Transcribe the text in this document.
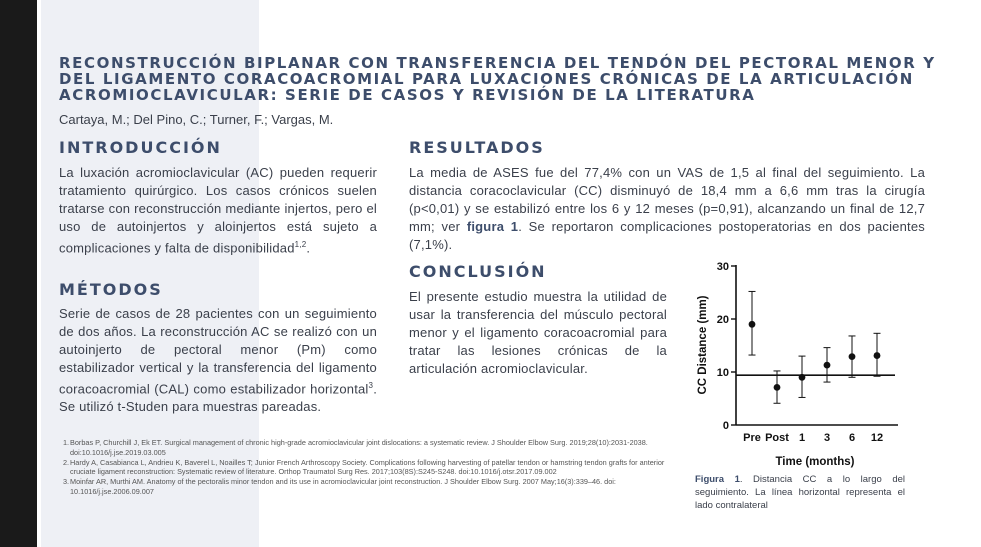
RECONSTRUCCIÓN BIPLANAR CON TRANSFERENCIA DEL TENDÓN DEL PECTORAL MENOR Y DEL LIGAMENTO CORACOACROMIAL PARA LUXACIONES CRÓNICAS DE LA ARTICULACIÓN ACROMIOCLAVICULAR: SERIE DE CASOS Y REVISIÓN DE LA LITERATURA
Cartaya, M.; Del Pino, C.; Turner, F.; Vargas, M.
INTRODUCCIÓN

La luxación acromioclavicular (AC) pueden requerir tratamiento quirúrgico. Los casos crónicos suelen tratarse con reconstrucción mediante injertos, pero el uso de autoinjertos y aloinjertos está sujeto a complicaciones y falta de disponibilidad$^{1,2}$.

MÉTODOS

Serie de casos de 28 pacientes con un seguimiento de dos años. La reconstrucción AC se realizó con un autoinjerto de pectoral menor (Pm) como estabilizador vertical y la transferencia del ligamento coracoacromial (CAL) como estabilizador horizontal$^3$. Se utilizó t-Studen para muestras pareadas.

RESULTADOS

La media de ASES fue del 77,4% con un VAS de 1,5 al final del seguimiento. La distancia coracoclavicular (CC) disminuyó de 18,4 mm a 6,6 mm tras la cirugía (p<0,01) y se estabilizó entre los 6 y 12 meses (p=0,91), alcanzando un final de 12,7 mm; ver figura 1. Se reportaron complicaciones postoperatorias en dos pacientes (7,1%).

CONCLUSIÓN

El presente estudio muestra la utilidad de usar la transferencia del músculo pectoral menor y el ligamento coracoacromial para tratar las lesiones crónicas de la articulación acromioclavicular.

1. Borbas P, Churchill J, Ek ET. Surgical management of chronic high-grade acromioclavicular joint dislocations: a systematic review. J Shoulder Elbow Surg. 2019;28(10):2031-2038. doi:10.1016/j.jse.2019.03.005
2. Hardy A, Casabianca L, Andrieu K, Baverel L, Noailles T; Junior French Arthroscopy Society. Complications following harvesting of patellar tendon or hamstring tendon grafts for anterior cruciate ligament reconstruction: Systematic review of literature. Orthop Traumatol Surg Res. 2017;103(8S):S245-S248. doi:10.1016/j.otsr.2017.09.002
3. Moinfar AR, Murthi AM. Anatomy of the pectoralis minor tendon and its use in acromioclavicular joint reconstruction. J Shoulder Elbow Surg. 2007 May;16(3):339–46. doi: 10.1016/j.jse.2006.09.007
0
10
20
30
Pre Post 1 3 6 12
CC Distance (mm)
Time (months)

Figura 1. Distancia CC a lo largo del seguimiento. La línea horizontal representa el lado contralateral
